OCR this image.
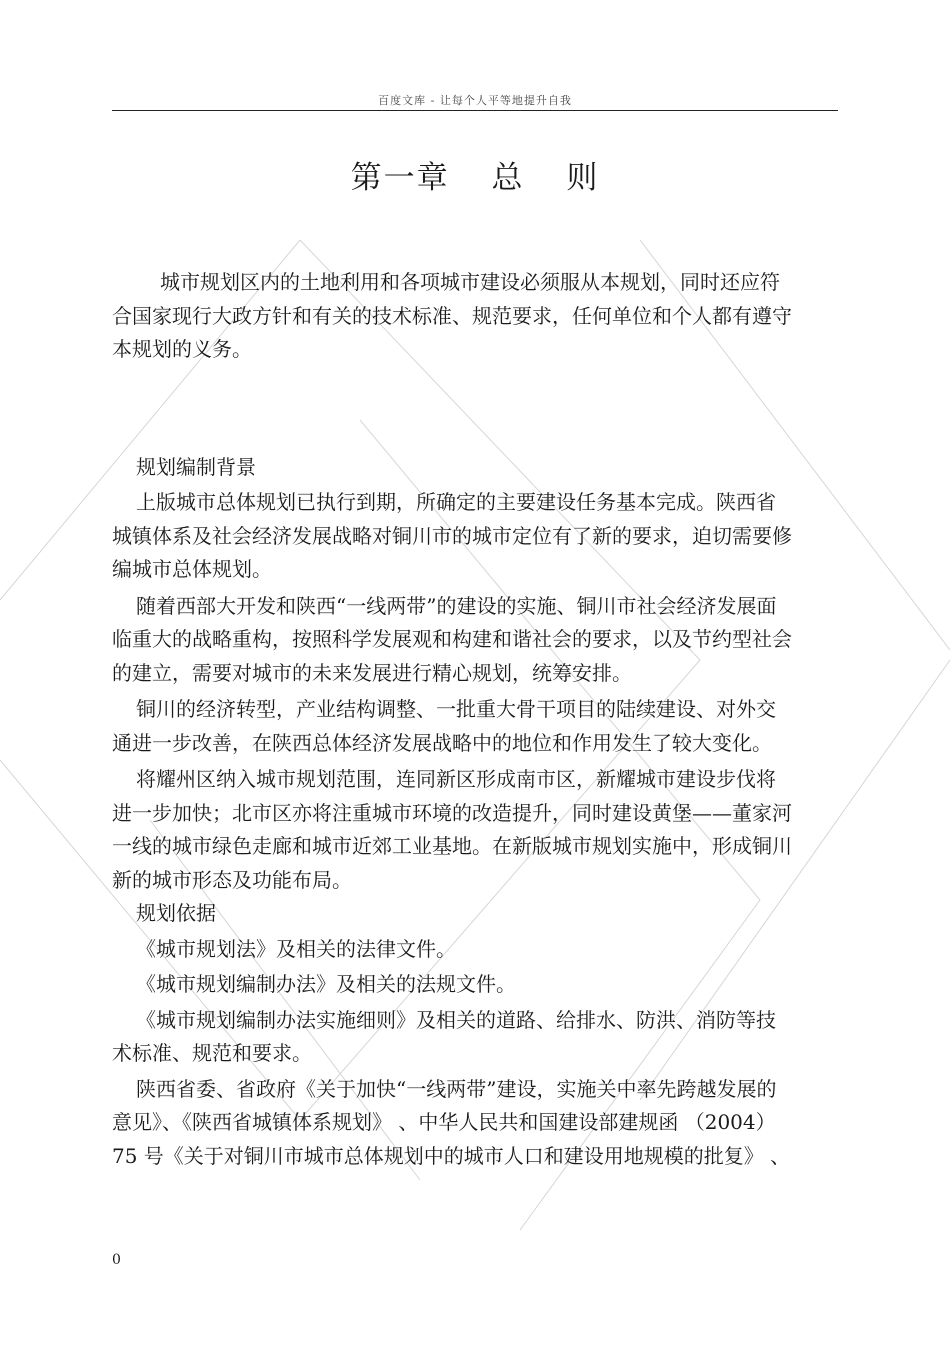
百度文库 - 让每个人平等地提升自我
第一章 总 则

城市规划区内的土地利用和各项城市建设必须服从本规划，同时还应符合国家现行大政方针和有关的技术标准、规范要求，任何单位和个人都有遵守本规划的义务。

规划编制背景

上版城市总体规划已执行到期，所确定的主要建设任务基本完成。陕西省城镇体系及社会经济发展战略对铜川市的城市定位有了新的要求，迫切需要修编城市总体规划。

随着西部大开发和陕西“一线两带”的建设的实施、铜川市社会经济发展面临重大的战略重构，按照科学发展观和构建和谐社会的要求，以及节约型社会的建立，需要对城市的未来发展进行精心规划，统筹安排。

铜川的经济转型，产业结构调整、一批重大骨干项目的陆续建设、对外交通进一步改善，在陕西总体经济发展战略中的地位和作用发生了较大变化。

将耀州区纳入城市规划范围，连同新区形成南市区，新耀城市建设步伐将进一步加快；北市区亦将注重城市环境的改造提升，同时建设黄堡——董家河一线的城市绿色走廊和城市近郊工业基地。在新版城市规划实施中，形成铜川新的城市形态及功能布局。

规划依据

《城市规划法》及相关的法律文件。

《城市规划编制办法》及相关的法规文件。

《城市规划编制办法实施细则》及相关的道路、给排水、防洪、消防等技术标准、规范和要求。

陕西省委、省政府《关于加快“一线两带”建设，实施关中率先跨越发展的意见》、《陕西省城镇体系规划》 、中华人民共和国建设部建规函 （2004）75 号《关于对铜川市城市总体规划中的城市人口和建设用地规模的批复》 、

0
